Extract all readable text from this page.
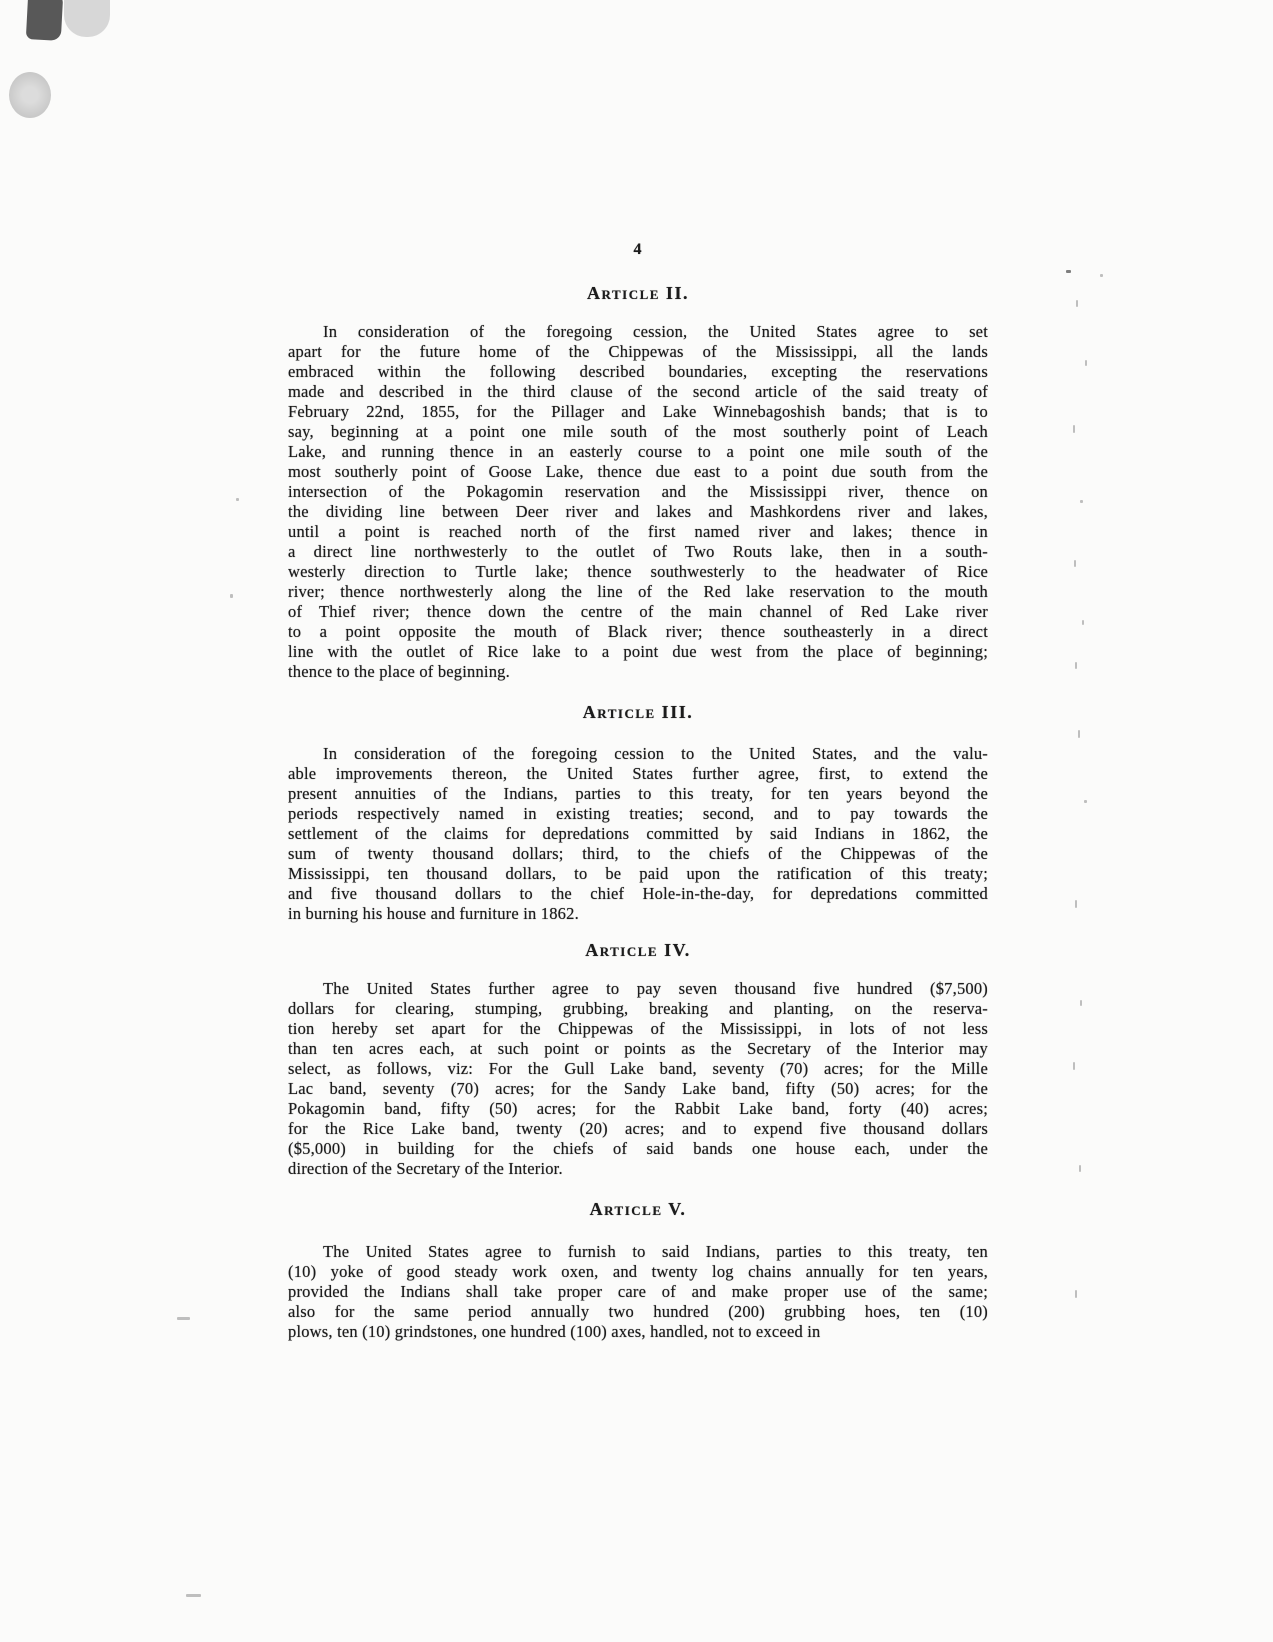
4
Article II.
In consideration of the foregoing cession, the United States agree to set
apart for the future home of the Chippewas of the Mississippi, all the lands
embraced within the following described boundaries, excepting the reservations
made and described in the third clause of the second article of the said treaty of
February 22nd, 1855, for the Pillager and Lake Winnebagoshish bands; that is to
say, beginning at a point one mile south of the most southerly point of Leach
Lake, and running thence in an easterly course to a point one mile south of the
most southerly point of Goose Lake, thence due east to a point due south from the
intersection of the Pokagomin reservation and the Mississippi river, thence on
the dividing line between Deer river and lakes and Mashkordens river and lakes,
until a point is reached north of the first named river and lakes; thence in
a direct line northwesterly to the outlet of Two Routs lake, then in a south-
westerly direction to Turtle lake; thence southwesterly to the headwater of Rice
river; thence northwesterly along the line of the Red lake reservation to the mouth
of Thief river; thence down the centre of the main channel of Red Lake river
to a point opposite the mouth of Black river; thence southeasterly in a direct
line with the outlet of Rice lake to a point due west from the place of beginning;
thence to the place of beginning.
Article III.
In consideration of the foregoing cession to the United States, and the valu-
able improvements thereon, the United States further agree, first, to extend the
present annuities of the Indians, parties to this treaty, for ten years beyond the
periods respectively named in existing treaties; second, and to pay towards the
settlement of the claims for depredations committed by said Indians in 1862, the
sum of twenty thousand dollars; third, to the chiefs of the Chippewas of the
Mississippi, ten thousand dollars, to be paid upon the ratification of this treaty;
and five thousand dollars to the chief Hole-in-the-day, for depredations committed
in burning his house and furniture in 1862.
Article IV.
The United States further agree to pay seven thousand five hundred ($7,500)
dollars for clearing, stumping, grubbing, breaking and planting, on the reserva-
tion hereby set apart for the Chippewas of the Mississippi, in lots of not less
than ten acres each, at such point or points as the Secretary of the Interior may
select, as follows, viz: For the Gull Lake band, seventy (70) acres; for the Mille
Lac band, seventy (70) acres; for the Sandy Lake band, fifty (50) acres; for the
Pokagomin band, fifty (50) acres; for the Rabbit Lake band, forty (40) acres;
for the Rice Lake band, twenty (20) acres; and to expend five thousand dollars
($5,000) in building for the chiefs of said bands one house each, under the
direction of the Secretary of the Interior.
Article V.
The United States agree to furnish to said Indians, parties to this treaty, ten
(10) yoke of good steady work oxen, and twenty log chains annually for ten years,
provided the Indians shall take proper care of and make proper use of the same;
also for the same period annually two hundred (200) grubbing hoes, ten (10)
plows, ten (10) grindstones, one hundred (100) axes, handled, not to exceed in
